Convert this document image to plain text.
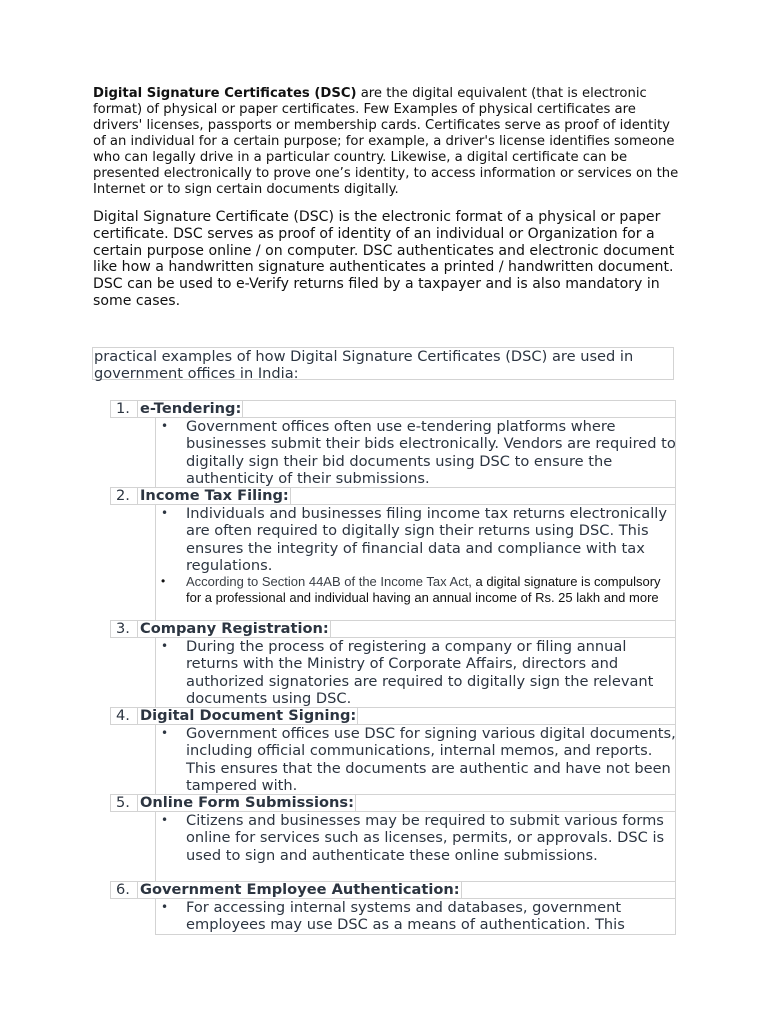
Digital Signature Certificates (DSC) are the digital equivalent (that is electronic format) of physical or paper certificates. Few Examples of physical certificates are drivers' licenses, passports or membership cards. Certificates serve as proof of identity of an individual for a certain purpose; for example, a driver's license identifies someone who can legally drive in a particular country. Likewise, a digital certificate can be presented electronically to prove one’s identity, to access information or services on the Internet or to sign certain documents digitally.
Digital Signature Certificate (DSC) is the electronic format of a physical or paper certificate. DSC serves as proof of identity of an individual or Organization for a certain purpose online / on computer. DSC authenticates and electronic document like how a handwritten signature authenticates a printed / handwritten document. DSC can be used to e-Verify returns filed by a taxpayer and is also mandatory in some cases.
practical examples of how Digital Signature Certificates (DSC) are used in government offices in India:
1. e-Tendering:
• Government offices often use e-tendering platforms where businesses submit their bids electronically. Vendors are required to digitally sign their bid documents using DSC to ensure the authenticity of their submissions.
2. Income Tax Filing:
• Individuals and businesses filing income tax returns electronically are often required to digitally sign their returns using DSC. This ensures the integrity of financial data and compliance with tax regulations.
• According to Section 44AB of the Income Tax Act, a digital signature is compulsory for a professional and individual having an annual income of Rs. 25 lakh and more
3. Company Registration:
• During the process of registering a company or filing annual returns with the Ministry of Corporate Affairs, directors and authorized signatories are required to digitally sign the relevant documents using DSC.
4. Digital Document Signing:
• Government offices use DSC for signing various digital documents, including official communications, internal memos, and reports. This ensures that the documents are authentic and have not been tampered with.
5. Online Form Submissions:
• Citizens and businesses may be required to submit various forms online for services such as licenses, permits, or approvals. DSC is used to sign and authenticate these online submissions.
6. Government Employee Authentication:
• For accessing internal systems and databases, government employees may use DSC as a means of authentication. This
